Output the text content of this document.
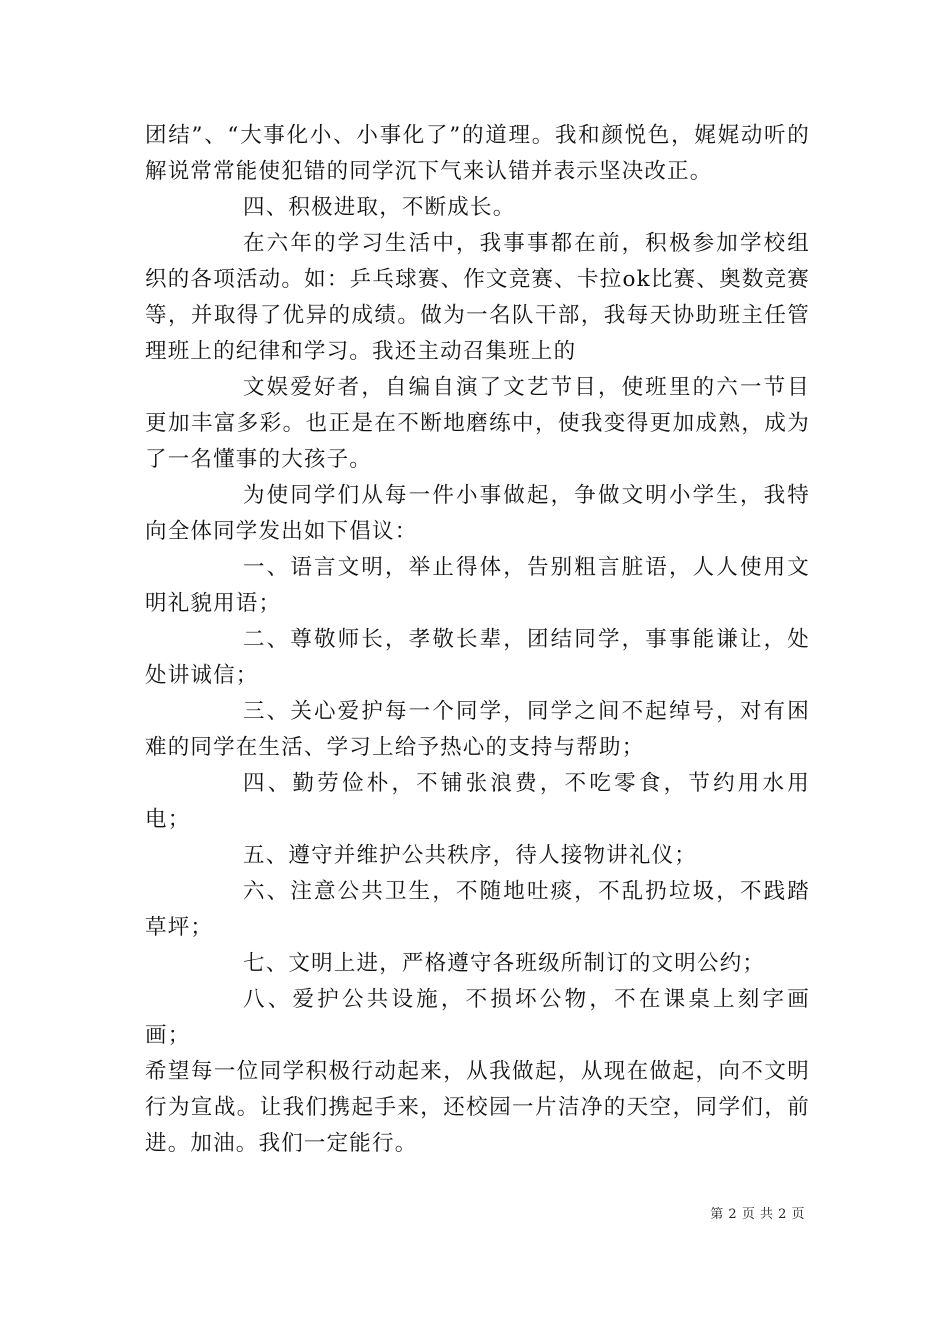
团结”、“大事化小、小事化了”的道理。我和颜悦色，娓娓动听的解说常常能使犯错的同学沉下气来认错并表示坚决改正。

四、积极进取，不断成长。

在六年的学习生活中，我事事都在前，积极参加学校组织的各项活动。如：乒乓球赛、作文竞赛、卡拉ok比赛、奥数竞赛等，并取得了优异的成绩。做为一名队干部，我每天协助班主任管理班上的纪律和学习。我还主动召集班上的

文娱爱好者，自编自演了文艺节目，使班里的六一节目更加丰富多彩。也正是在不断地磨练中，使我变得更加成熟，成为了一名懂事的大孩子。

为使同学们从每一件小事做起，争做文明小学生，我特向全体同学发出如下倡议：

一、语言文明，举止得体，告别粗言脏语，人人使用文明礼貌用语；

二、尊敬师长，孝敬长辈，团结同学，事事能谦让，处处讲诚信；

三、关心爱护每一个同学，同学之间不起绰号，对有困难的同学在生活、学习上给予热心的支持与帮助；

四、勤劳俭朴，不铺张浪费，不吃零食，节约用水用电；

五、遵守并维护公共秩序，待人接物讲礼仪；

六、注意公共卫生，不随地吐痰，不乱扔垃圾，不践踏草坪；

七、文明上进，严格遵守各班级所制订的文明公约；

八、爱护公共设施，不损坏公物，不在课桌上刻字画画；

希望每一位同学积极行动起来，从我做起，从现在做起，向不文明行为宣战。让我们携起手来，还校园一片洁净的天空，同学们，前进。加油。我们一定能行。

第 2 页 共 2 页
